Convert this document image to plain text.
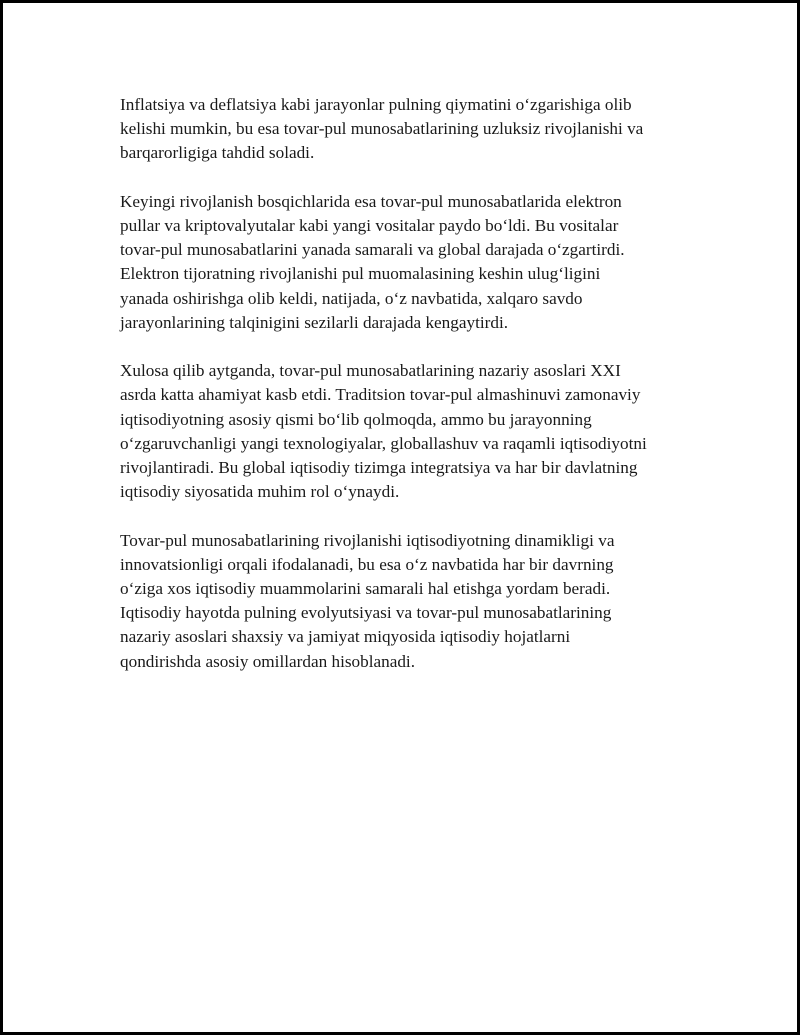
Inflatsiya va deflatsiya kabi jarayonlar pulning qiymatini o‘zgarishiga olib
kelishi mumkin, bu esa tovar-pul munosabatlarining uzluksiz rivojlanishi va
barqarorligiga tahdid soladi.

Keyingi rivojlanish bosqichlarida esa tovar-pul munosabatlarida elektron
pullar va kriptovalyutalar kabi yangi vositalar paydo bo‘ldi. Bu vositalar
tovar-pul munosabatlarini yanada samarali va global darajada o‘zgartirdi.
Elektron tijoratning rivojlanishi pul muomalasining keshin ulug‘ligini
yanada oshirishga olib keldi, natijada, o‘z navbatida, xalqaro savdo
jarayonlarining talqinigini sezilarli darajada kengaytirdi.

Xulosa qilib aytganda, tovar-pul munosabatlarining nazariy asoslari XXI
asrda katta ahamiyat kasb etdi. Traditsion tovar-pul almashinuvi zamonaviy
iqtisodiyotning asosiy qismi bo‘lib qolmoqda, ammo bu jarayonning
o‘zgaruvchanligi yangi texnologiyalar, globallashuv va raqamli iqtisodiyotni
rivojlantiradi. Bu global iqtisodiy tizimga integratsiya va har bir davlatning
iqtisodiy siyosatida muhim rol o‘ynaydi.

Tovar-pul munosabatlarining rivojlanishi iqtisodiyotning dinamikligi va
innovatsionligi orqali ifodalanadi, bu esa o‘z navbatida har bir davrning
o‘ziga xos iqtisodiy muammolarini samarali hal etishga yordam beradi.
Iqtisodiy hayotda pulning evolyutsiyasi va tovar-pul munosabatlarining
nazariy asoslari shaxsiy va jamiyat miqyosida iqtisodiy hojatlarni
qondirishda asosiy omillardan hisoblanadi.
